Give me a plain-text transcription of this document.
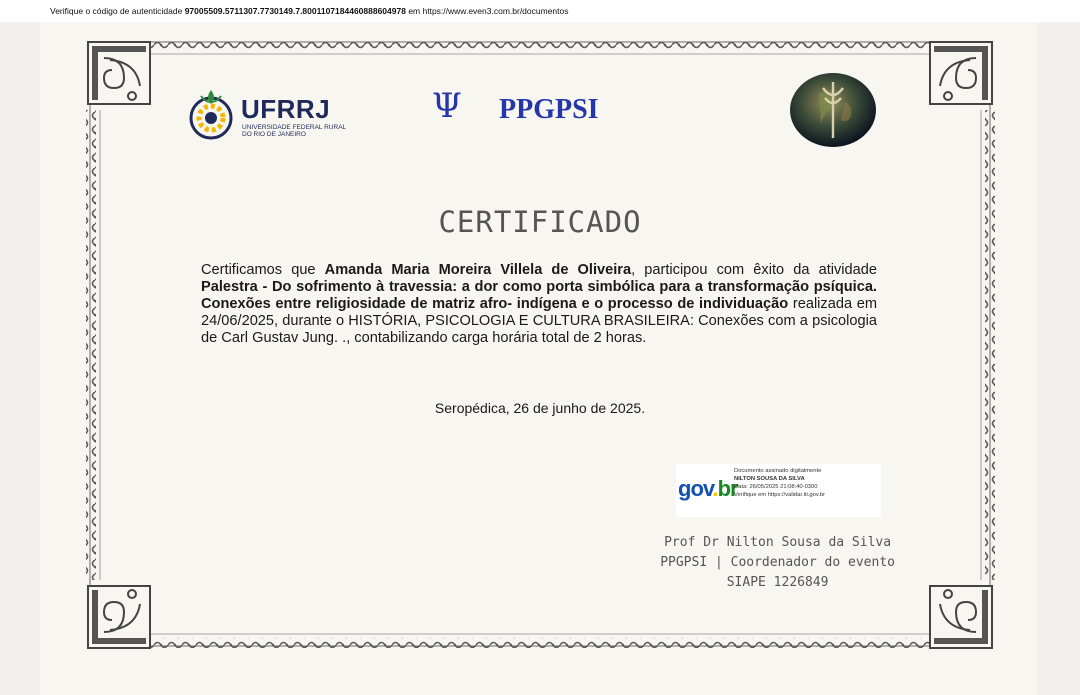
Verifique o código de autenticidade 97005509.5711307.7730149.7.8001107184460888604978 em https://www.even3.com.br/documentos
UFRRJ
UNIVERSIDADE FEDERAL RURAL
DO RIO DE JANEIRO
Ψ PPGPSI
CERTIFICADO
Certificamos que Amanda Maria Moreira Villela de Oliveira, participou com êxito da atividade Palestra - Do sofrimento à travessia: a dor como porta simbólica para a transformação psíquica. Conexões entre religiosidade de matriz afro- indígena e o processo de individuação realizada em 24/06/2025, durante o HISTÓRIA, PSICOLOGIA E CULTURA BRASILEIRA: Conexões com a psicologia de Carl Gustav Jung. ., contabilizando carga horária total de 2 horas.
Seropédica, 26 de junho de 2025.
gov.br
Documento assinado digitalmente
NILTON SOUSA DA SILVA
Data: 26/05/2025 21:08:40-0300
Verifique em https://validar.iti.gov.br
Prof Dr Nilton Sousa da Silva
PPGPSI | Coordenador do evento
SIAPE 1226849
